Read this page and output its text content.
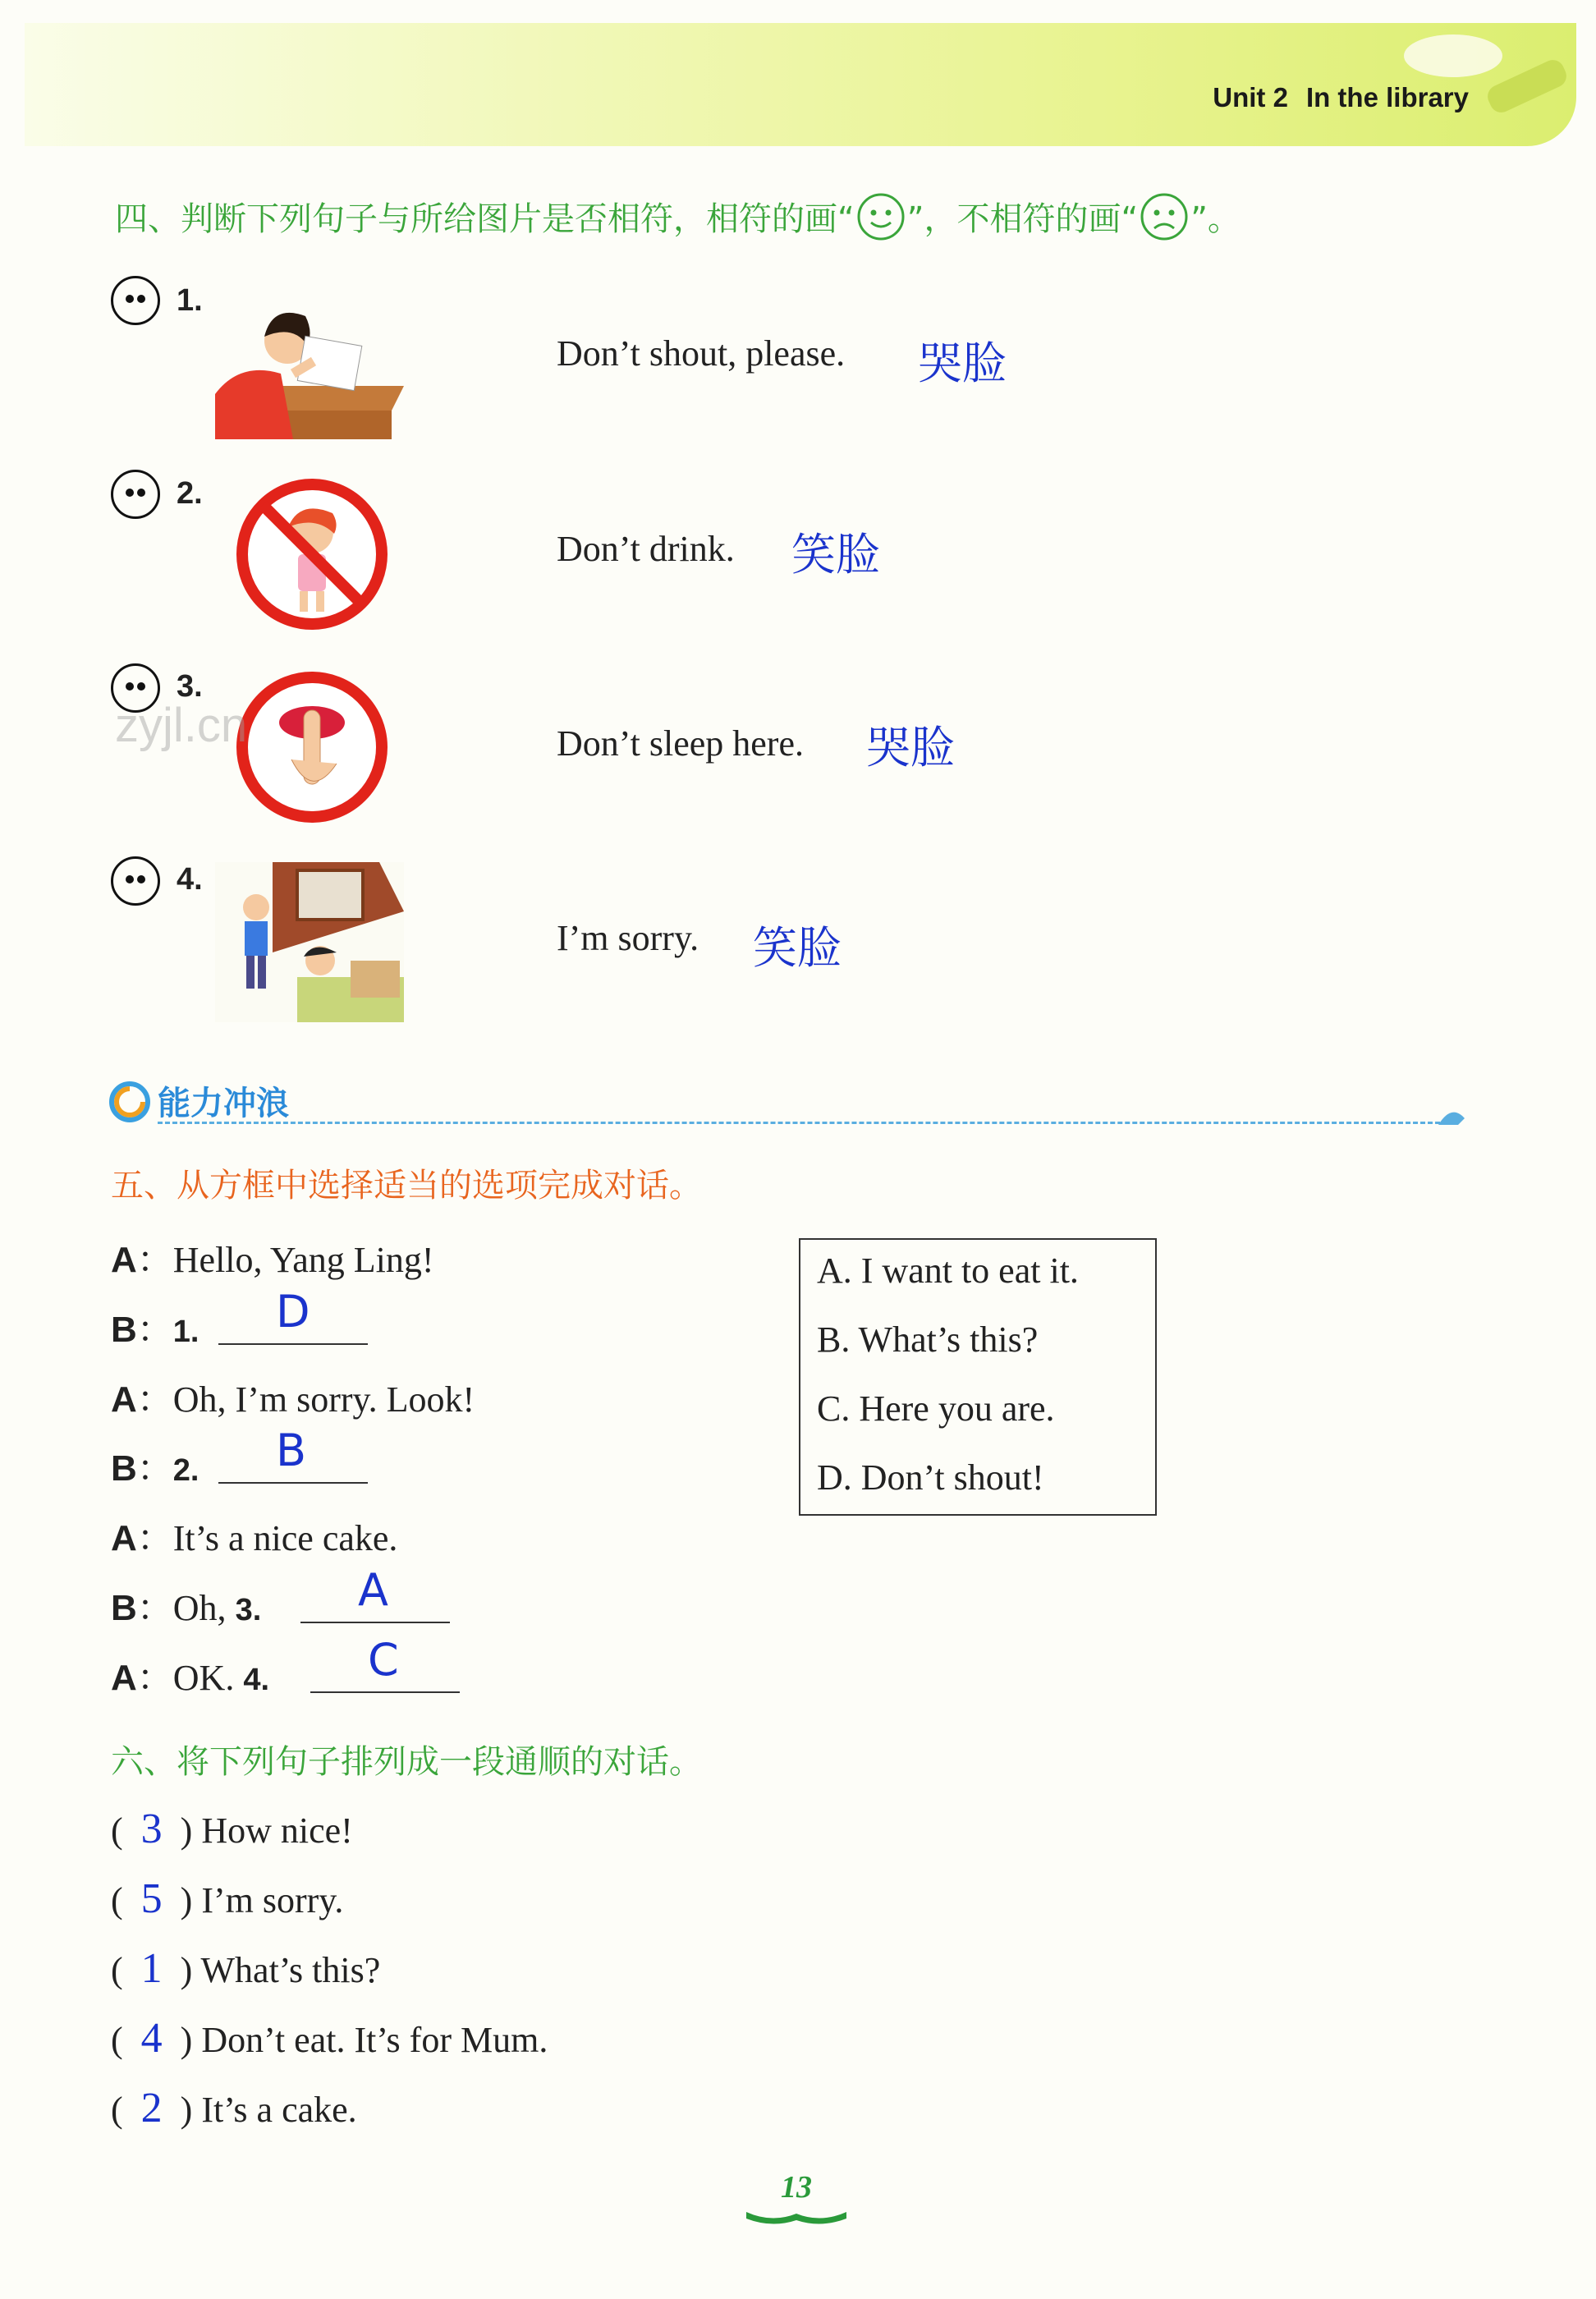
Unit 2 In the library
四、判断下列句子与所给图片是否相符，相符的画“ ”，不相符的画“ ”。
1.
Don’t shout, please. 哭脸
2.
Don’t drink. 笑脸
3.
zyjl.cn	Don’t sleep here. 哭脸
4.
I’m sorry. 笑脸
能力冲浪
五、从方框中选择适当的选项完成对话。
A：Hello, Yang Ling!
B：1. D
A：Oh, I’m sorry. Look!
B：2. B
A：It’s a nice cake.
B：Oh, 3. A
A：OK. 4. C
A. I want to eat it.
B. What’s this?
C. Here you are.
D. Don’t shout!
六、将下列句子排列成一段通顺的对话。
( 3 ) How nice!
( 5 ) I’m sorry.
( 1 ) What’s this?
( 4 ) Don’t eat. It’s for Mum.
( 2 ) It’s a cake.
13
